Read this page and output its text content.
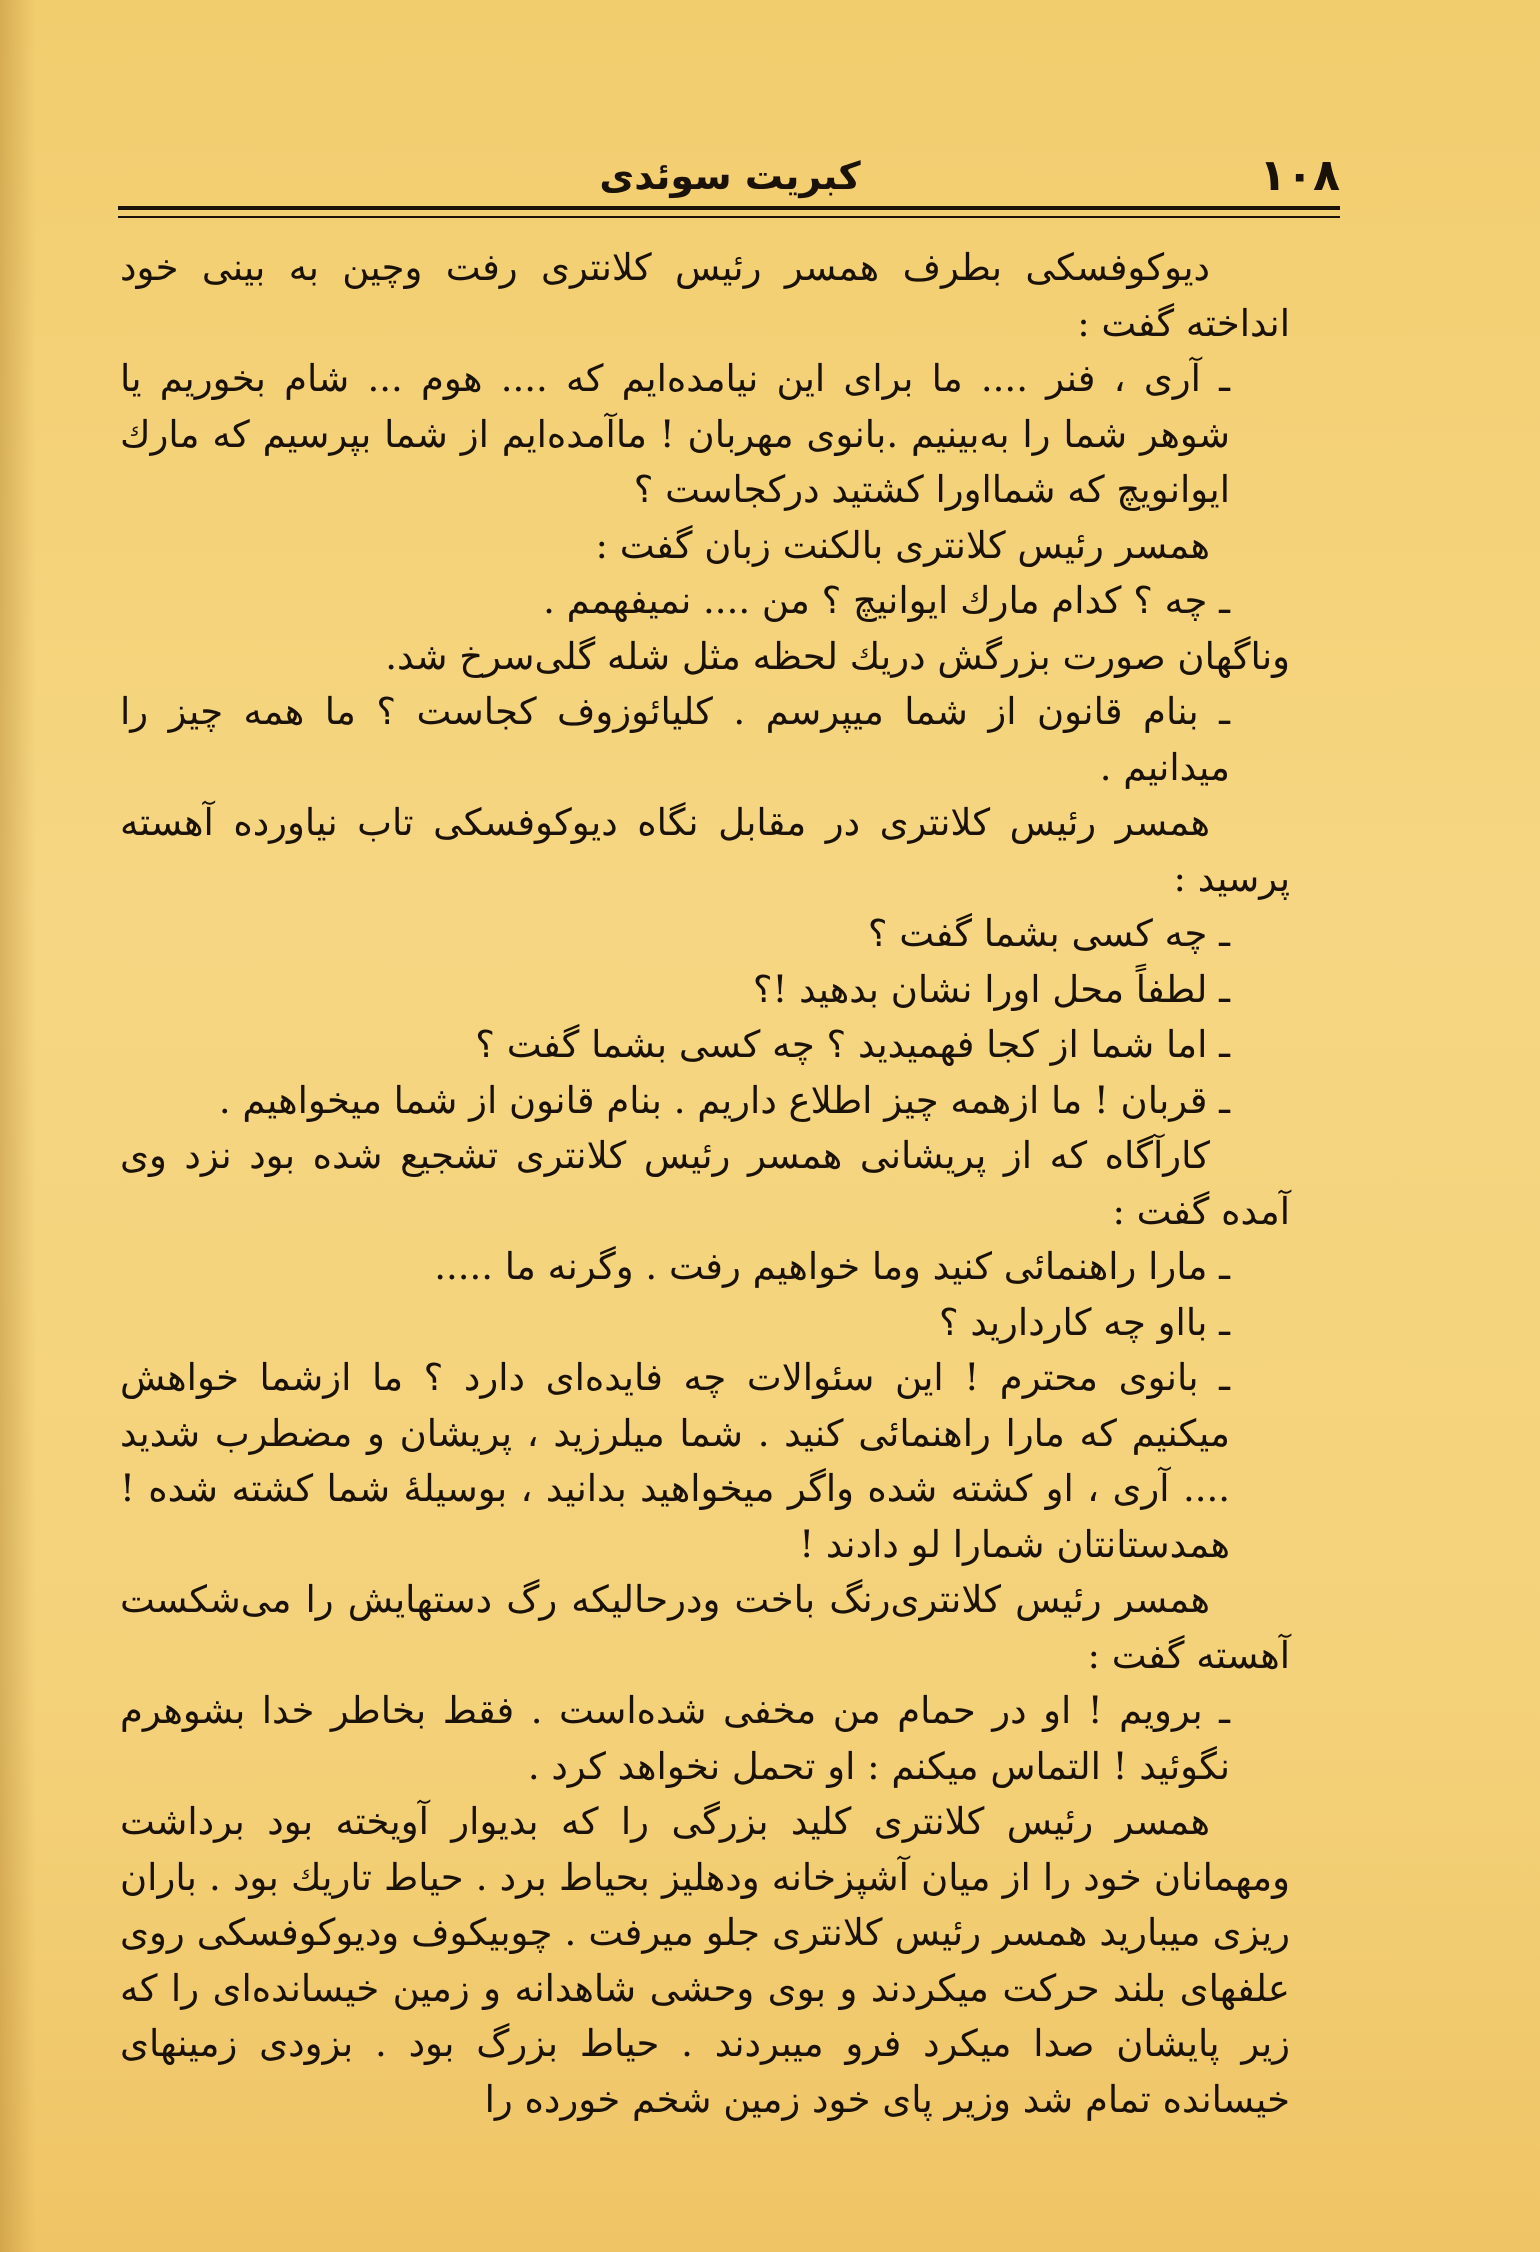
۱۰۸
کبریت سوئدی

دیوکوفسکی بطرف همسر رئیس کلانتری رفت وچین به بینی خود انداخته گفت :

ـ آری ، فنر .... ما برای این نیامده‌ایم که .... هوم ... شام بخوریم یا شوهر شما را به‌بینیم .بانوی مهربان ! ماآمده‌ایم از شما بپرسیم که مارك ایوانویچ که شمااورا کشتید درکجاست ؟

همسر رئیس کلانتری بالکنت زبان گفت :

ـ چه ؟ کدام مارك ایوانیچ ؟ من .... نمیفهمم .

وناگهان صورت بزرگش دریك لحظه مثل شله گلی‌سرخ شد.

ـ بنام قانون از شما میپرسم . کلیائوزوف کجاست ؟ ما همه چیز را میدانیم .

همسر رئیس کلانتری در مقابل نگاه دیوکوفسکی تاب نیاورده آهسته پرسید :

ـ چه کسی بشما گفت ؟

ـ لطفاً محل اورا نشان بدهید !؟

ـ اما شما از کجا فهمیدید ؟ چه کسی بشما گفت ؟

ـ قربان ! ما ازهمه چیز اطلاع داریم . بنام قانون از شما میخواهیم .

کارآگاه که از پریشانی همسر رئیس کلانتری تشجیع شده بود نزد وی آمده گفت :

ـ مارا راهنمائی کنید وما خواهیم رفت . وگرنه ما .....

ـ بااو چه کاردارید ؟

ـ بانوی محترم ! این سئوالات چه فایده‌ای دارد ؟ ما ازشما خواهش میکنیم که مارا راهنمائی کنید . شما میلرزید ، پریشان و مضطرب شدید .... آری ، او کشته شده واگر میخواهید بدانید ، بوسیلهٔ شما کشته شده ! همدستانتان شمارا لو دادند !

همسر رئیس کلانتری‌رنگ باخت ودرحالیکه رگ دستهایش را می‌شکست آهسته گفت :

ـ برویم ! او در حمام من مخفی شده‌است . فقط بخاطر خدا بشوهرم نگوئید ! التماس میکنم : او تحمل نخواهد کرد .

همسر رئیس کلانتری کلید بزرگی را که بدیوار آویخته بود برداشت ومهمانان خود را از میان آشپزخانه ودهلیز بحیاط برد . حیاط تاریك بود . باران ریزی میبارید همسر رئیس کلانتری جلو میرفت . چوبیکوف ودیوکوفسکی روی علفهای بلند حرکت میکردند و بوی وحشی شاهدانه و زمین خیسانده‌ای را که زیر پایشان صدا میکرد فرو میبردند . حیاط بزرگ بود . بزودی زمینهای خیسانده تمام شد وزیر پای خود زمین شخم خورده را
